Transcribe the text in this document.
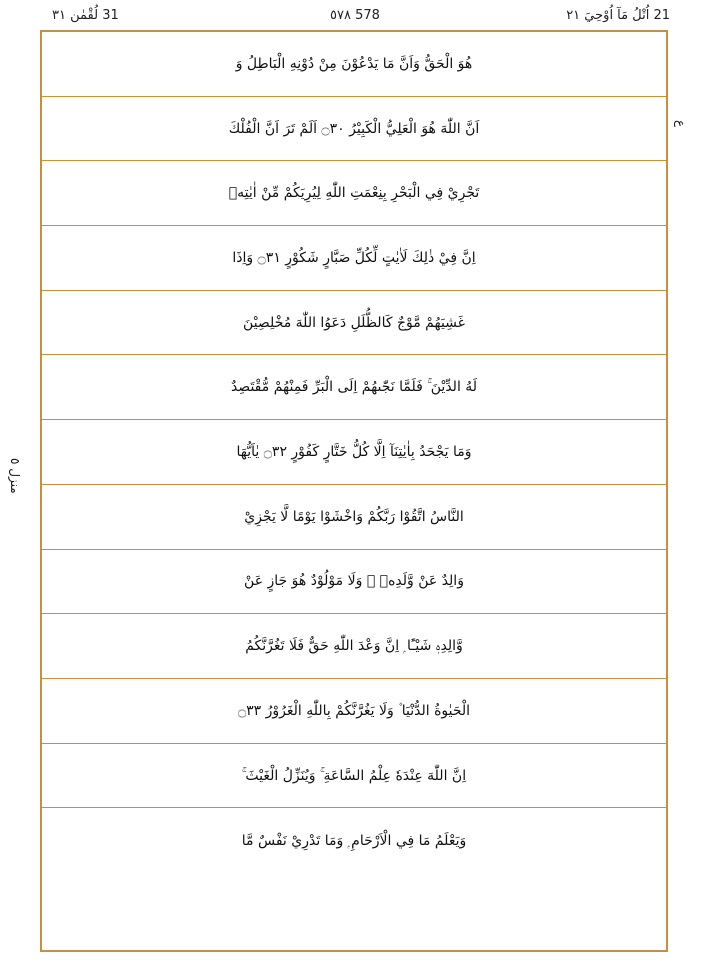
21 اُتْلُ مَآ اُوْحِيَ ٢١
٥٧٨ 578
31 لُقْمٰن ٣١
منزل ٥
ع
هُوَ الْحَقُّ وَاَنَّ مَا يَدْعُوْنَ مِنْ دُوْنِهِ الْبَاطِلُ وَ
اَنَّ اللّٰهَ هُوَ الْعَلِيُّ الْكَبِيْرُ ۝٣٠ اَلَمْ تَرَ اَنَّ الْفُلْكَ
تَجْرِيْ فِي الْبَحْرِ بِنِعْمَتِ اللّٰهِ لِيُرِيَكُمْ مِّنْ اٰيٰتِهٖ
اِنَّ فِيْ ذٰلِكَ لَاٰيٰتٍ لِّكُلِّ صَبَّارٍ شَكُوْرٍ ۝٣١ وَاِذَا
غَشِيَهُمْ مَّوْجٌ كَالظُّلَلِ دَعَوُا اللّٰهَ مُخْلِصِيْنَ
لَهُ الدِّيْنَ ۚ فَلَمَّا نَجّٰىهُمْ اِلَى الْبَرِّ فَمِنْهُمْ مُّقْتَصِدٌ
وَمَا يَجْحَدُ بِاٰيٰتِنَآ اِلَّا كُلُّ خَتَّارٍ كَفُوْرٍ ۝٣٢ يٰاَيُّهَا
النَّاسُ اتَّقُوْا رَبَّكُمْ وَاخْشَوْا يَوْمًا لَّا يَجْزِيْ
وَالِدٌ عَنْ وَّلَدِهٖ ؗ وَلَا مَوْلُوْدٌ هُوَ جَازٍ عَنْ
وَّالِدِهٖ شَيْـًٔا ۭ اِنَّ وَعْدَ اللّٰهِ حَقٌّ فَلَا تَغُرَّنَّكُمُ
الْحَيٰوةُ الدُّنْيَا ۫ وَلَا يَغُرَّنَّكُمْ بِاللّٰهِ الْغَرُوْرُ ۝٣٣
اِنَّ اللّٰهَ عِنْدَهٗ عِلْمُ السَّاعَةِ ۚ وَيُنَزِّلُ الْغَيْثَ ۚ
وَيَعْلَمُ مَا فِي الْاَرْحَامِ ۭ وَمَا تَدْرِيْ نَفْسٌ مَّا
